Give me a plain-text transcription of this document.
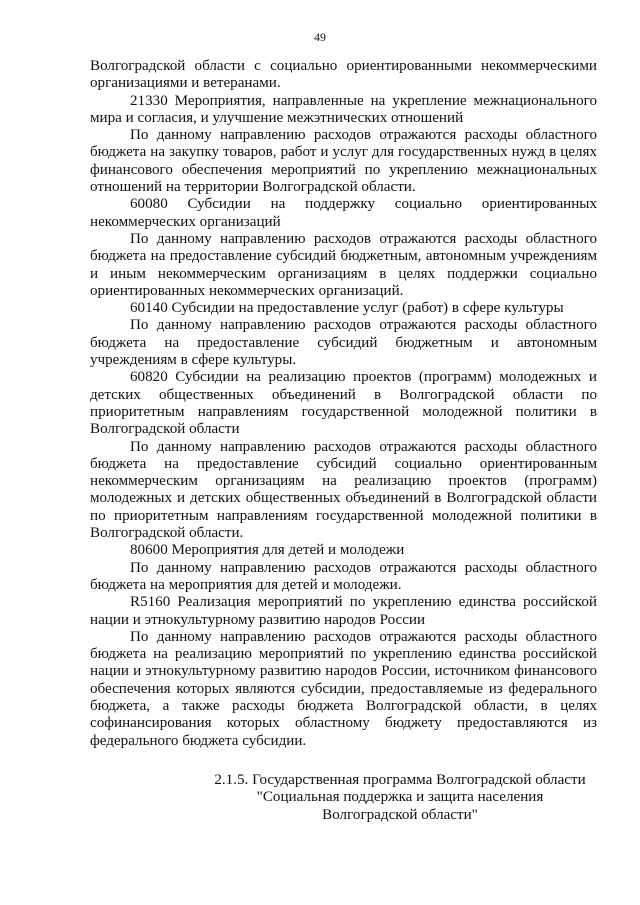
49

Волгоградской области с социально ориентированными некоммерческими организациями и ветеранами.

21330 Мероприятия, направленные на укрепление межнационального мира и согласия, и улучшение межэтнических отношений

По данному направлению расходов отражаются расходы областного бюджета на закупку товаров, работ и услуг для государственных нужд в целях финансового обеспечения мероприятий по укреплению межнациональных отношений на территории Волгоградской области.

60080 Субсидии на поддержку социально ориентированных некоммерческих организаций

По данному направлению расходов отражаются расходы областного бюджета на предоставление субсидий бюджетным, автономным учреждениям и иным некоммерческим организациям в целях поддержки социально ориентированных некоммерческих организаций.

60140 Субсидии на предоставление услуг (работ) в сфере культуры

По данному направлению расходов отражаются расходы областного бюджета на предоставление субсидий бюджетным и автономным учреждениям в сфере культуры.

60820 Субсидии на реализацию проектов (программ) молодежных и детских общественных объединений в Волгоградской области по приоритетным направлениям государственной молодежной политики в Волгоградской области

По данному направлению расходов отражаются расходы областного бюджета на предоставление субсидий социально ориентированным некоммерческим организациям на реализацию проектов (программ) молодежных и детских общественных объединений в Волгоградской области по приоритетным направлениям государственной молодежной политики в Волгоградской области.

80600 Мероприятия для детей и молодежи

По данному направлению расходов отражаются расходы областного бюджета на мероприятия для детей и молодежи.

R5160 Реализация мероприятий по укреплению единства российской нации и этнокультурному развитию народов России

По данному направлению расходов отражаются расходы областного бюджета на реализацию мероприятий по укреплению единства российской нации и этнокультурному развитию народов России, источником финансового обеспечения которых являются субсидии, предоставляемые из федерального бюджета, а также расходы бюджета Волгоградской области, в целях софинансирования которых областному бюджету предоставляются из федерального бюджета субсидии.

2.1.5. Государственная программа Волгоградской области
"Социальная поддержка и защита населения
Волгоградской области"
